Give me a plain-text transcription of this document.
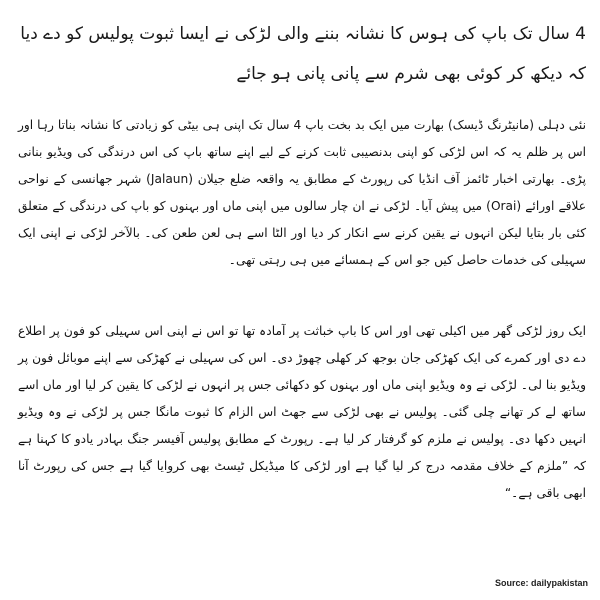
4 سال تک باپ کی ہوس کا نشانہ بننے والی لڑکی نے ایسا ثبوت پولیس کو دے دیا کہ دیکھ کر کوئی بھی شرم سے پانی پانی ہو جائے

نئی دہلی (مانیٹرنگ ڈیسک) بھارت میں ایک بد بخت باپ 4 سال تک اپنی ہی بیٹی کو زیادتی کا نشانہ بناتا رہا اور اس پر ظلم یہ کہ اس لڑکی کو اپنی بدنصیبی ثابت کرنے کے لیے اپنے ساتھ باپ کی اس درندگی کی ویڈیو بنانی پڑی۔ بھارتی اخبار ٹائمز آف انڈیا کی رپورٹ کے مطابق یہ واقعہ ضلع جیلان (Jalaun) شہر جھانسی کے نواحی علاقے اورائے (Orai) میں پیش آیا۔ لڑکی نے ان چار سالوں میں اپنی ماں اور بہنوں کو باپ کی درندگی کے متعلق کئی بار بتایا لیکن انہوں نے یقین کرنے سے انکار کر دیا اور الٹا اسے ہی لعن طعن کی۔ بالآخر لڑکی نے اپنی ایک سہیلی کی خدمات حاصل کیں جو اس کے ہمسائے میں ہی رہتی تھی۔

ایک روز لڑکی گھر میں اکیلی تھی اور اس کا باپ خباثت پر آمادہ تھا تو اس نے اپنی اس سہیلی کو فون پر اطلاع دے دی اور کمرے کی ایک کھڑکی جان بوجھ کر کھلی چھوڑ دی۔ اس کی سہیلی نے کھڑکی سے اپنے موبائل فون پر ویڈیو بنا لی۔ لڑکی نے وہ ویڈیو اپنی ماں اور بہنوں کو دکھائی جس پر انہوں نے لڑکی کا یقین کر لیا اور ماں اسے ساتھ لے کر تھانے چلی گئی۔ پولیس نے بھی لڑکی سے جھٹ اس الزام کا ثبوت مانگا جس پر لڑکی نے وہ ویڈیو انہیں دکھا دی۔ پولیس نے ملزم کو گرفتار کر لیا ہے۔ رپورٹ کے مطابق پولیس آفیسر جنگ بہادر یادو کا کہنا ہے کہ ”ملزم کے خلاف مقدمہ درج کر لیا گیا ہے اور لڑکی کا میڈیکل ٹیسٹ بھی کروایا گیا ہے جس کی رپورٹ آنا ابھی باقی ہے۔“

Source: dailypakistan
